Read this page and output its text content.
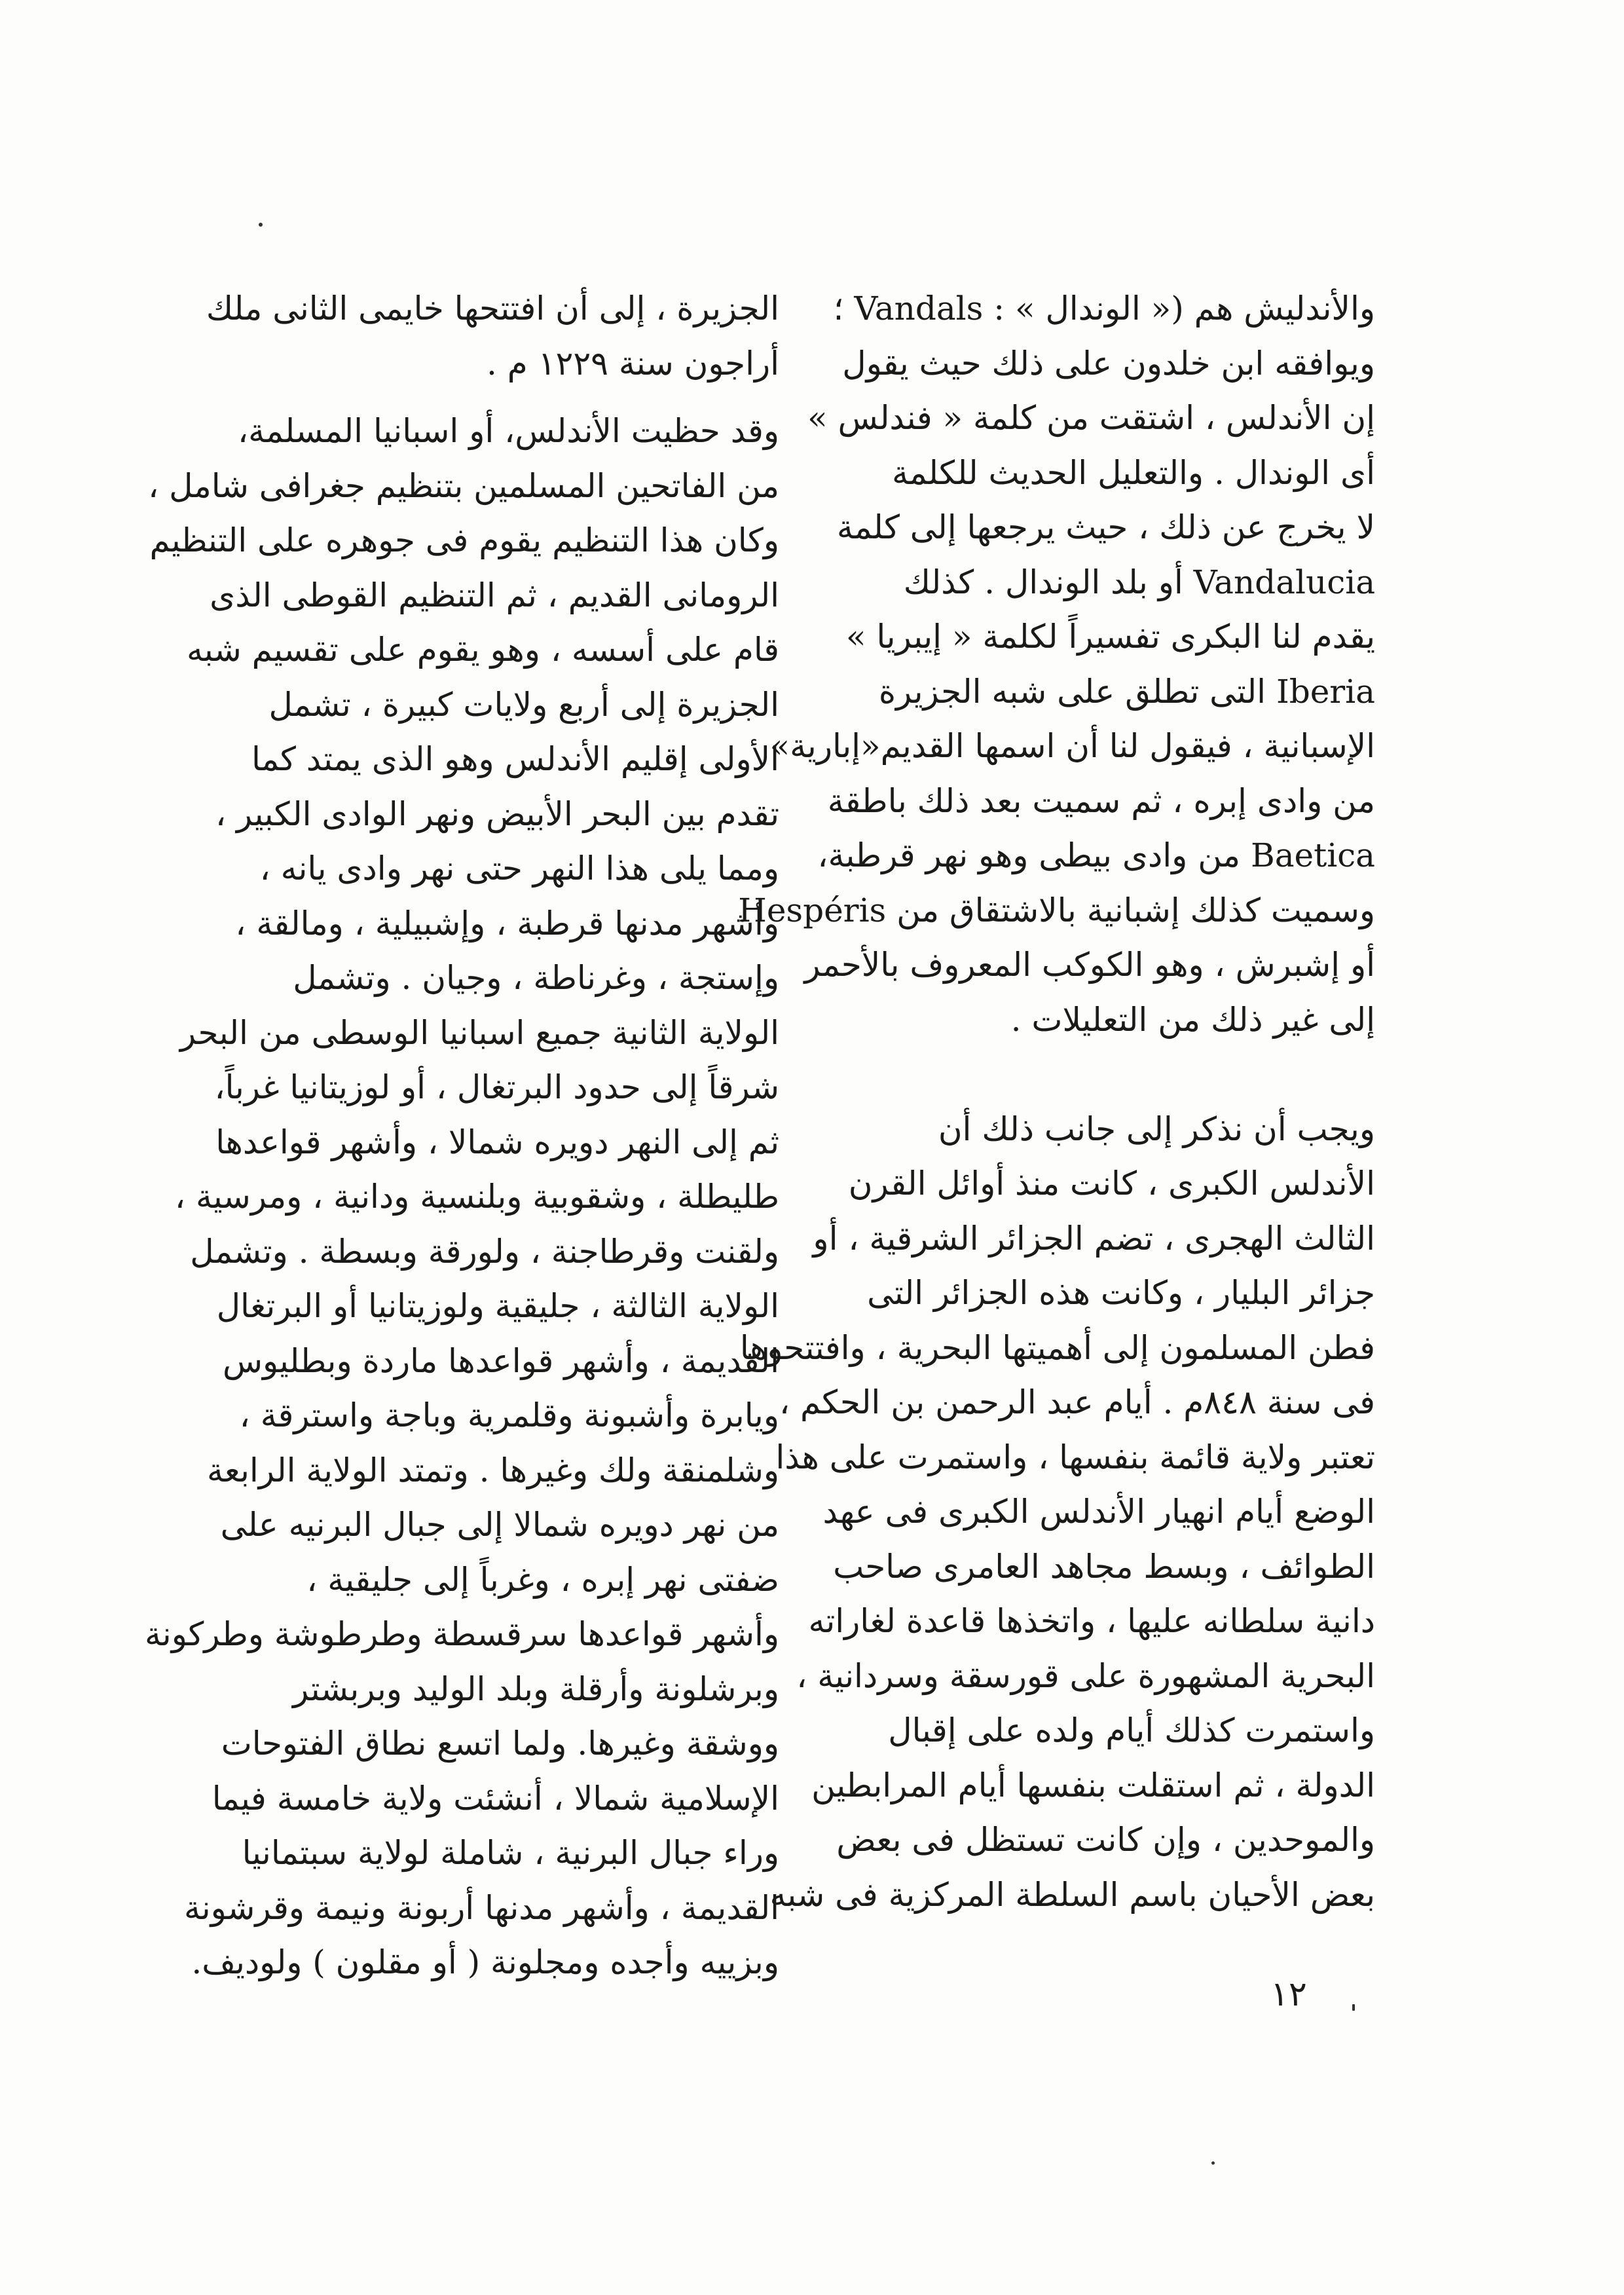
والأندليش هم (« الوندال » : Vandals ؛
ويوافقه ابن خلدون على ذلك حيث يقول
إن الأندلس ، اشتقت من كلمة « فندلس »
أى الوندال . والتعليل الحديث للكلمة
لا يخرج عن ذلك ، حيث يرجعها إلى كلمة
Vandalucia أو بلد الوندال . كذلك
يقدم لنا البكرى تفسيراً لكلمة « إيبريا »
Iberia التى تطلق على شبه الجزيرة
الإسبانية ، فيقول لنا أن اسمها القديم«إبارية»
من وادى إبره ، ثم سميت بعد ذلك باطقة
Baetica من وادى بيطى وهو نهر قرطبة،
وسميت كذلك إشبانية بالاشتقاق من Hespéris
أو إشبرش ، وهو الكوكب المعروف بالأحمر
إلى غير ذلك من التعليلات .
ويجب أن نذكر إلى جانب ذلك أن
الأندلس الكبرى ، كانت منذ أوائل القرن
الثالث الهجرى ، تضم الجزائر الشرقية ، أو
جزائر البليار ، وكانت هذه الجزائر التى
فطن المسلمون إلى أهميتها البحرية ، وافتتحوها
فى سنة ٨٤٨م . أيام عبد الرحمن بن الحكم ،
تعتبر ولاية قائمة بنفسها ، واستمرت على هذا
الوضع أيام انهيار الأندلس الكبرى فى عهد
الطوائف ، وبسط مجاهد العامرى صاحب
دانية سلطانه عليها ، واتخذها قاعدة لغاراته
البحرية المشهورة على قورسقة وسردانية ،
واستمرت كذلك أيام ولده على إقبال
الدولة ، ثم استقلت بنفسها أيام المرابطين
والموحدين ، وإن كانت تستظل فى بعض
بعض الأحيان باسم السلطة المركزية فى شبه
الجزيرة ، إلى أن افتتحها خايمى الثانى ملك
أراجون سنة ١٢٢٩ م .
وقد حظيت الأندلس، أو اسبانيا المسلمة،
من الفاتحين المسلمين بتنظيم جغرافى شامل ،
وكان هذا التنظيم يقوم فى جوهره على التنظيم
الرومانى القديم ، ثم التنظيم القوطى الذى
قام على أسسه ، وهو يقوم على تقسيم شبه
الجزيرة إلى أربع ولايات كبيرة ، تشمل
الأولى إقليم الأندلس وهو الذى يمتد كما
تقدم بين البحر الأبيض ونهر الوادى الكبير ،
ومما يلى هذا النهر حتى نهر وادى يانه ،
وأشهر مدنها قرطبة ، وإشبيلية ، ومالقة ،
وإستجة ، وغرناطة ، وجيان . وتشمل
الولاية الثانية جميع اسبانيا الوسطى من البحر
شرقاً إلى حدود البرتغال ، أو لوزيتانيا غرباً،
ثم إلى النهر دويره شمالا ، وأشهر قواعدها
طليطلة ، وشقوبية وبلنسية ودانية ، ومرسية ،
ولقنت وقرطاجنة ، ولورقة وبسطة . وتشمل
الولاية الثالثة ، جليقية ولوزيتانيا أو البرتغال
القديمة ، وأشهر قواعدها ماردة وبطليوس
ويابرة وأشبونة وقلمرية وباجة واسترقة ،
وشلمنقة ولك وغيرها . وتمتد الولاية الرابعة
من نهر دويره شمالا إلى جبال البرنيه على
ضفتى نهر إبره ، وغرباً إلى جليقية ،
وأشهر قواعدها سرقسطة وطرطوشة وطركونة
وبرشلونة وأرقلة وبلد الوليد وبربشتر
ووشقة وغيرها. ولما اتسع نطاق الفتوحات
الإسلامية شمالا ، أنشئت ولاية خامسة فيما
وراء جبال البرنية ، شاملة لولاية سبتمانيا
القديمة ، وأشهر مدنها أربونة ونيمة وقرشونة
وبزييه وأجده ومجلونة ( أو مقلون ) ولوديف.
١٢
